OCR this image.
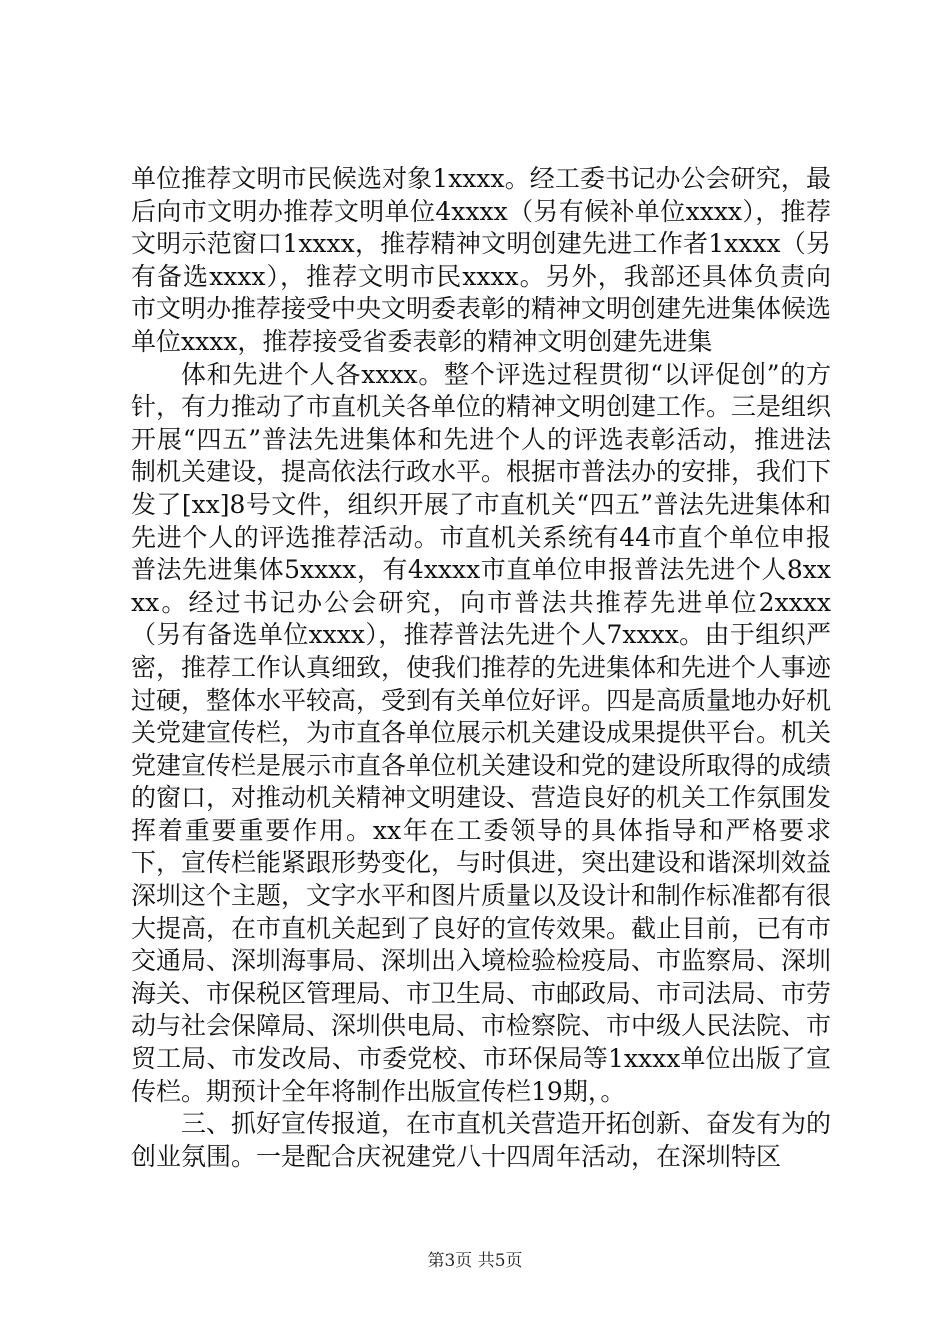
单位推荐文明市民候选对象1xxxx。经工委书记办公会研究，最后向市文明办推荐文明单位4xxxx（另有候补单位xxxx），推荐文明示范窗口1xxxx，推荐精神文明创建先进工作者1xxxx（另有备选xxxx），推荐文明市民xxxx。另外，我部还具体负责向市文明办推荐接受中央文明委表彰的精神文明创建先进集体候选单位xxxx，推荐接受省委表彰的精神文明创建先进集

体和先进个人各xxxx。整个评选过程贯彻“以评促创”的方针，有力推动了市直机关各单位的精神文明创建工作。三是组织开展“四五”普法先进集体和先进个人的评选表彰活动，推进法制机关建设，提高依法行政水平。根据市普法办的安排，我们下发了[xx]8号文件，组织开展了市直机关“四五”普法先进集体和先进个人的评选推荐活动。市直机关系统有44市直个单位申报普法先进集体5xxxx，有4xxxx市直单位申报普法先进个人8xxxx。经过书记办公会研究，向市普法共推荐先进单位2xxxx（另有备选单位xxxx），推荐普法先进个人7xxxx。由于组织严密，推荐工作认真细致，使我们推荐的先进集体和先进个人事迹过硬，整体水平较高，受到有关单位好评。四是高质量地办好机关党建宣传栏，为市直各单位展示机关建设成果提供平台。机关党建宣传栏是展示市直各单位机关建设和党的建设所取得的成绩的窗口，对推动机关精神文明建设、营造良好的机关工作氛围发挥着重要重要作用。xx年在工委领导的具体指导和严格要求下，宣传栏能紧跟形势变化，与时俱进，突出建设和谐深圳效益深圳这个主题，文字水平和图片质量以及设计和制作标准都有很大提高，在市直机关起到了良好的宣传效果。截止目前，已有市交通局、深圳海事局、深圳出入境检验检疫局、市监察局、深圳海关、市保税区管理局、市卫生局、市邮政局、市司法局、市劳动与社会保障局、深圳供电局、市检察院、市中级人民法院、市贸工局、市发改局、市委党校、市环保局等1xxxx单位出版了宣传栏。期预计全年将制作出版宣传栏19期，。

三、抓好宣传报道，在市直机关营造开拓创新、奋发有为的创业氛围。一是配合庆祝建党八十四周年活动，在深圳特区

第3页 共5页
